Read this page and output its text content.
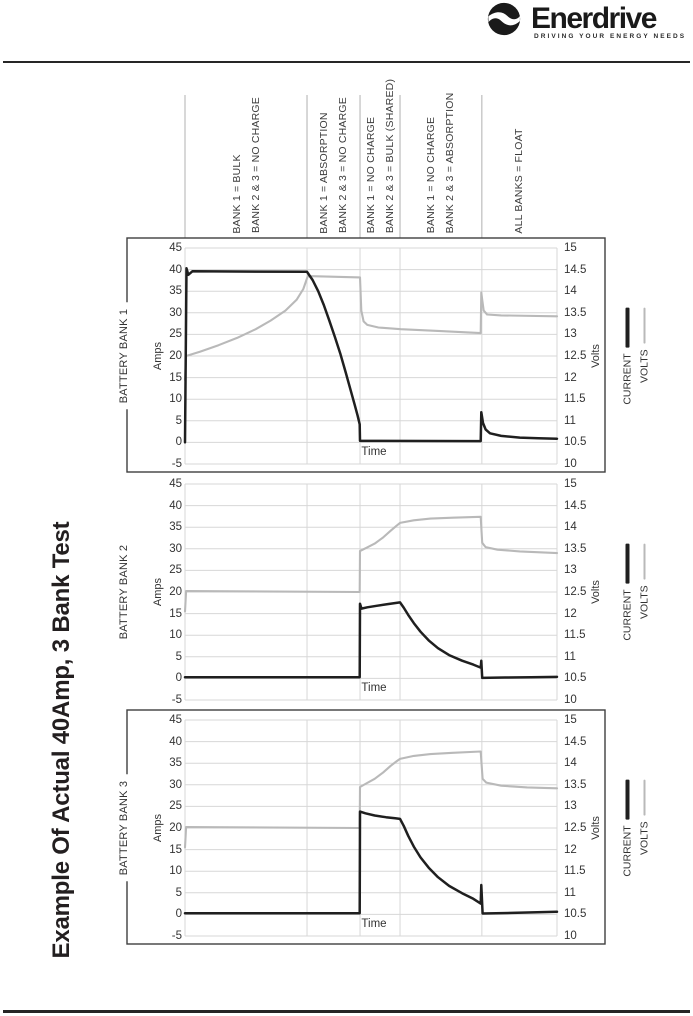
Enerdrive
DRIVING YOUR ENERGY NEEDS
Example Of Actual 40Amp, 3 Bank Test
BANK 1 = BULK BANK 2 & 3 = NO CHARGE	BANK 1 = ABSORPTION BANK 2 & 3 = NO CHARGE BANK 1 = NO CHARGE BANK 2 & 3 = BULK (SHARED)	BANK 1 = NO CHARGE BANK 2 & 3 = ABSORPTION	ALL BANKS = FLOAT
45
40
35
30
25
20
15
10
5
0
-5
15
14.5
14
13.5
13
12.5
12
11.5
11
10.5
10
Amps	Volts
BATTERY BANK 1
Time
CURRENT VOLTS
45
40
35
30
25
20
15
10
5
0
-5
15
14.5
14
13.5
13
12.5
12
11.5
11
10.5
10
Amps	Volts
BATTERY BANK 2
Time
CURRENT VOLTS
45
40
35
30
25
20
15
10
5
0
-5
15
14.5
14
13.5
13
12.5
12
11.5
11
10.5
10
Amps	Volts
BATTERY BANK 3
Time
CURRENT VOLTS
